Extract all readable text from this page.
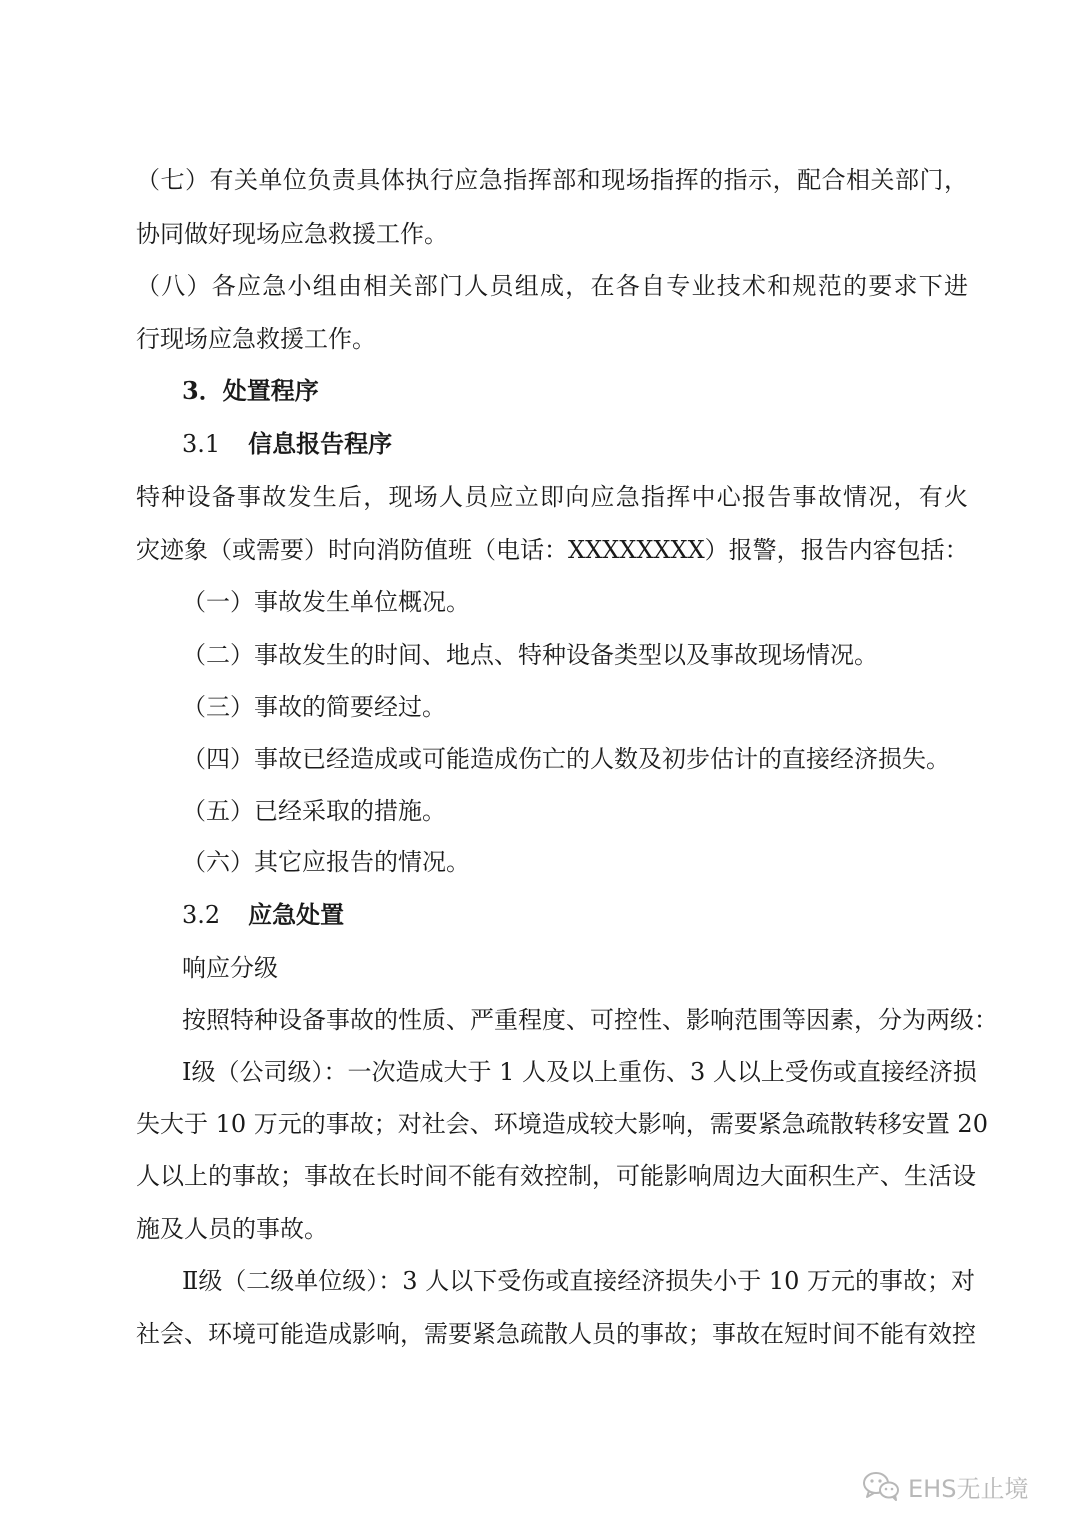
（七）有关单位负责具体执行应急指挥部和现场指挥的指示，配合相关部门，
协同做好现场应急救援工作。
（八）各应急小组由相关部门人员组成，在各自专业技术和规范的要求下进
行现场应急救援工作。
3．处置程序
3.1 信息报告程序
特种设备事故发生后，现场人员应立即向应急指挥中心报告事故情况，有火
灾迹象（或需要）时向消防值班（电话：XXXXXXXX）报警，报告内容包括：
（一）事故发生单位概况。
（二）事故发生的时间、地点、特种设备类型以及事故现场情况。
（三）事故的简要经过。
（四）事故已经造成或可能造成伤亡的人数及初步估计的直接经济损失。
（五）已经采取的措施。
（六）其它应报告的情况。
3.2 应急处置
响应分级
按照特种设备事故的性质、严重程度、可控性、影响范围等因素，分为两级：
Ⅰ级（公司级）：一次造成大于 1 人及以上重伤、3 人以上受伤或直接经济损
失大于 10 万元的事故；对社会、环境造成较大影响，需要紧急疏散转移安置 20
人以上的事故；事故在长时间不能有效控制，可能影响周边大面积生产、生活设
施及人员的事故。
Ⅱ级（二级单位级）：3 人以下受伤或直接经济损失小于 10 万元的事故；对
社会、环境可能造成影响，需要紧急疏散人员的事故；事故在短时间不能有效控
EHS无止境
